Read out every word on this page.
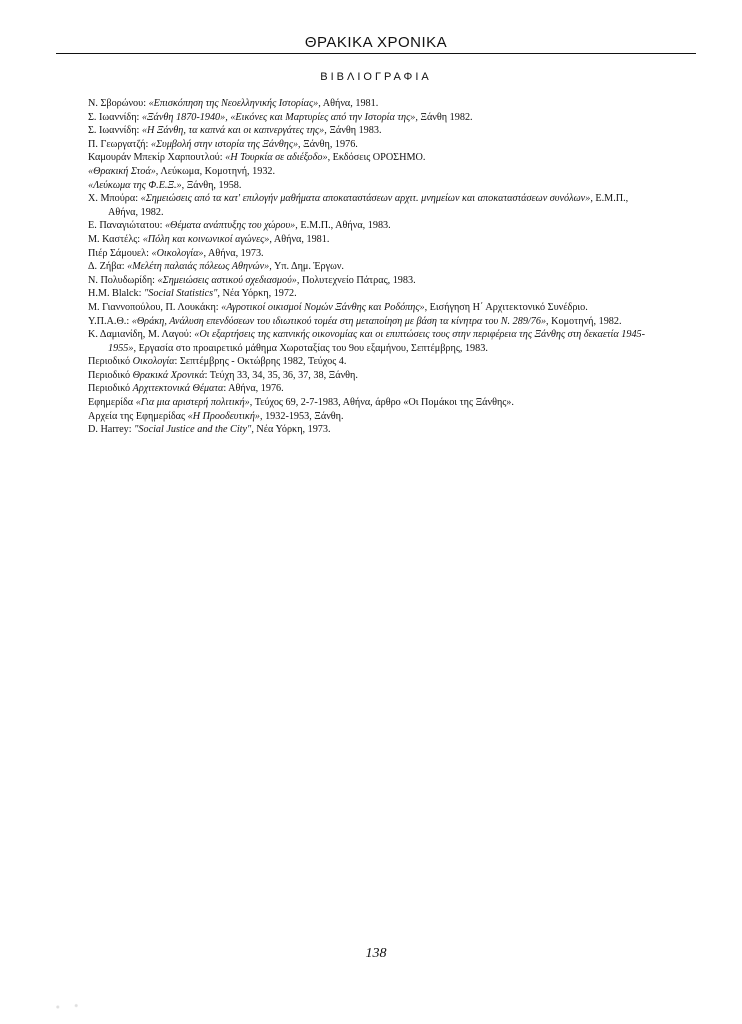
ΘΡΑΚΙΚΑ ΧΡΟΝΙΚΑ
ΒΙΒΛΙΟΓΡΑΦΙΑ

Ν. Σβορώνου: «Επισκόπηση της Νεοελληνικής Ιστορίας», Αθήνα, 1981.

Σ. Ιωαννίδη: «Ξάνθη 1870-1940», «Εικόνες και Μαρτυρίες από την Ιστορία της», Ξάνθη 1982.

Σ. Ιωαννίδη: «Η Ξάνθη, τα καπνά και οι καπνεργάτες της», Ξάνθη 1983.

Π. Γεωργατζή: «Συμβολή στην ιστορία της Ξάνθης», Ξάνθη, 1976.

Καμουράν Μπεκίρ Χαρπουτλού: «Η Τουρκία σε αδιέξοδο», Εκδόσεις ΟΡΟΣΗΜΟ.

«Θρακική Στοά», Λεύκωμα, Κομοτηνή, 1932.

«Λεύκωμα της Φ.Ε.Ξ.», Ξάνθη, 1958.

Χ. Μπούρα: «Σημειώσεις από τα κατ' επιλογήν μαθήματα αποκαταστάσεων αρχιτ. μνημείων και αποκαταστάσεων συνόλων», Ε.Μ.Π., Αθήνα, 1982.

Ε. Παναγιώτατου: «Θέματα ανάπτυξης του χώρου», Ε.Μ.Π., Αθήνα, 1983.

Μ. Καστέλς: «Πόλη και κοινωνικοί αγώνες», Αθήνα, 1981.

Πιέρ Σάμουελ: «Οικολογία», Αθήνα, 1973.

Δ. Ζήβα: «Μελέτη παλαιάς πόλεως Αθηνών», Υπ. Δημ. Έργων.

Ν. Πολυδωρίδη: «Σημειώσεις αστικού σχεδιασμού», Πολυτεχνείο Πάτρας, 1983.

H.M. Blalck: "Social Statistics", Νέα Υόρκη, 1972.

Μ. Γιαννοπούλου, Π. Λουκάκη: «Αγροτικοί οικισμοί Νομών Ξάνθης και Ροδόπης», Εισήγηση Η΄ Αρχιτεκτονικό Συνέδριο.

Υ.Π.Α.Θ.: «Θράκη, Ανάλυση επενδύσεων του ιδιωτικού τομέα στη μεταποίηση με βάση τα κίνητρα του Ν. 289/76», Κομοτηνή, 1982.

Κ. Δαμιανίδη, Μ. Λαγού: «Οι εξαρτήσεις της καπνικής οικονομίας και οι επιπτώσεις τους στην περιφέρεια της Ξάνθης στη δεκαετία 1945-1955», Εργασία στο προαιρετικό μάθημα Χωροταξίας του 9ου εξαμήνου, Σεπτέμβρης, 1983.

Περιοδικό Οικολογία: Σεπτέμβρης - Οκτώβρης 1982, Τεύχος 4.

Περιοδικό Θρακικά Χρονικά: Τεύχη 33, 34, 35, 36, 37, 38, Ξάνθη.

Περιοδικό Αρχιτεκτονικά Θέματα: Αθήνα, 1976.

Εφημερίδα «Για μια αριστερή πολιτική», Τεύχος 69, 2-7-1983, Αθήνα, άρθρο «Οι Πομάκοι της Ξάνθης».

Αρχεία της Εφημερίδας «Η Προοδευτική», 1932-1953, Ξάνθη.

D. Harrey: "Social Justice and the City", Νέα Υόρκη, 1973.

138
